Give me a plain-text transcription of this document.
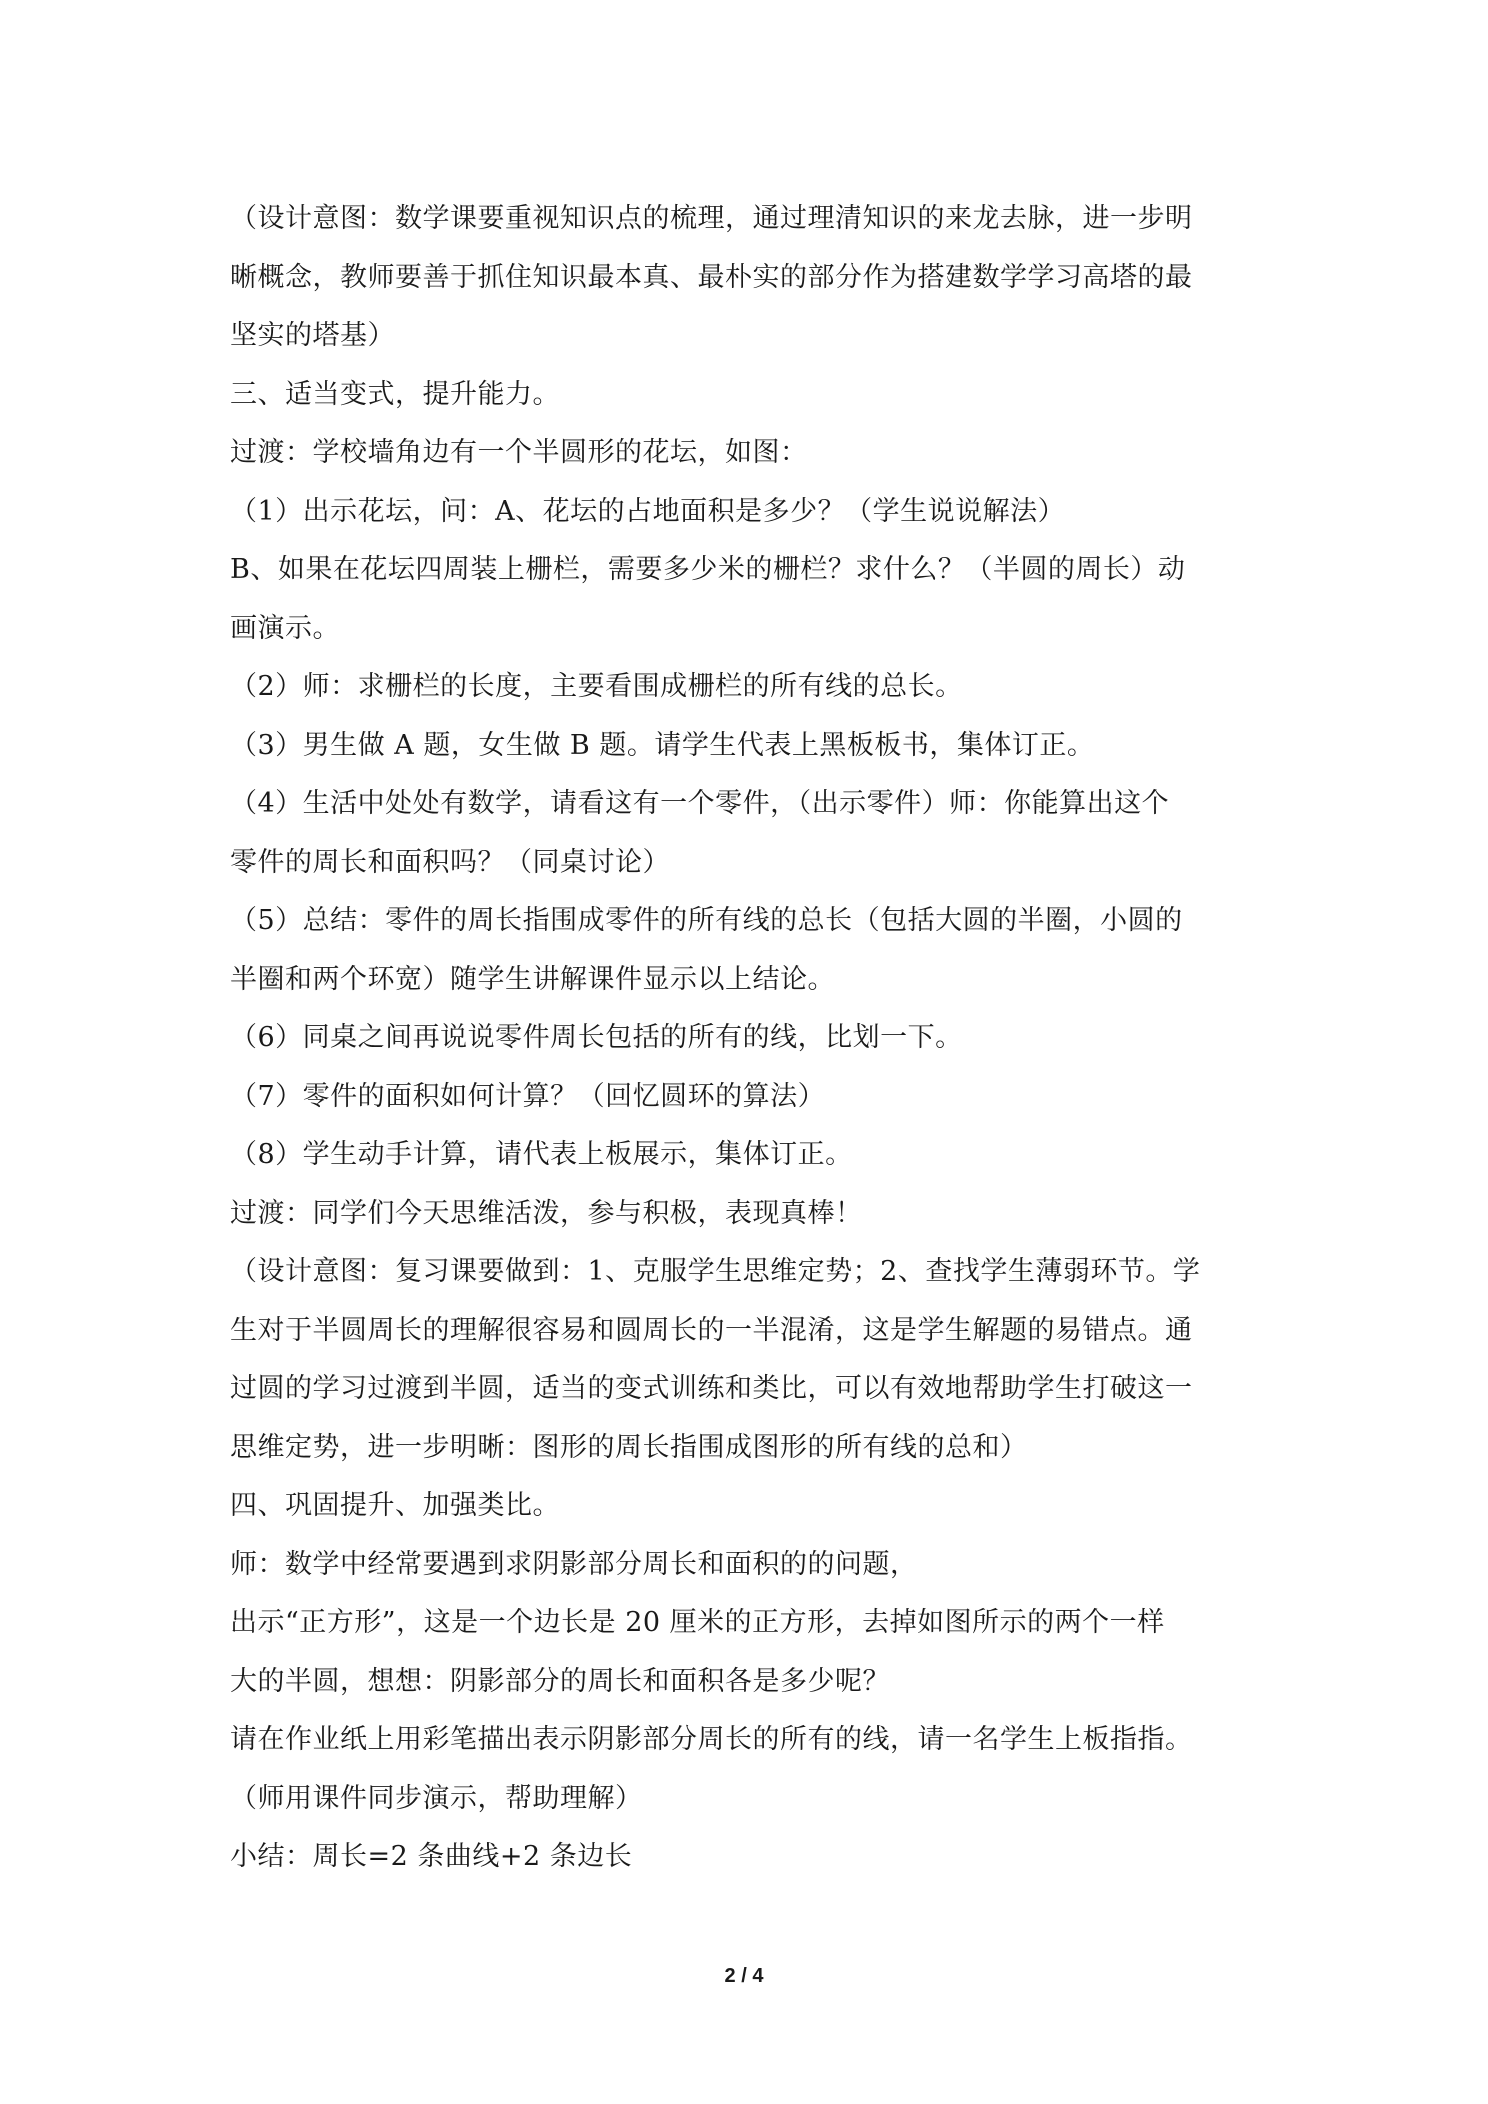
（设计意图：数学课要重视知识点的梳理，通过理清知识的来龙去脉，进一步明
晰概念，教师要善于抓住知识最本真、最朴实的部分作为搭建数学学习高塔的最
坚实的塔基）
三、适当变式，提升能力。
过渡：学校墙角边有一个半圆形的花坛，如图：
（1）出示花坛，问：A、花坛的占地面积是多少？（学生说说解法）
B、如果在花坛四周装上栅栏，需要多少米的栅栏？求什么？（半圆的周长）动
画演示。
（2）师：求栅栏的长度，主要看围成栅栏的所有线的总长。
（3）男生做 A 题，女生做 B 题。请学生代表上黑板板书，集体订正。
（4）生活中处处有数学，请看这有一个零件，（出示零件）师：你能算出这个
零件的周长和面积吗？（同桌讨论）
（5）总结：零件的周长指围成零件的所有线的总长（包括大圆的半圈，小圆的
半圈和两个环宽）随学生讲解课件显示以上结论。
（6）同桌之间再说说零件周长包括的所有的线，比划一下。
（7）零件的面积如何计算？（回忆圆环的算法）
（8）学生动手计算，请代表上板展示，集体订正。
过渡：同学们今天思维活泼，参与积极，表现真棒！
（设计意图：复习课要做到：1、克服学生思维定势；2、查找学生薄弱环节。学
生对于半圆周长的理解很容易和圆周长的一半混淆，这是学生解题的易错点。通
过圆的学习过渡到半圆，适当的变式训练和类比，可以有效地帮助学生打破这一
思维定势，进一步明晰：图形的周长指围成图形的所有线的总和）
四、巩固提升、加强类比。
师：数学中经常要遇到求阴影部分周长和面积的的问题，
出示“正方形”，这是一个边长是 20 厘米的正方形，去掉如图所示的两个一样
大的半圆，想想：阴影部分的周长和面积各是多少呢？
请在作业纸上用彩笔描出表示阴影部分周长的所有的线，请一名学生上板指指。
（师用课件同步演示，帮助理解）
小结：周长=2 条曲线+2 条边长
2 / 4
